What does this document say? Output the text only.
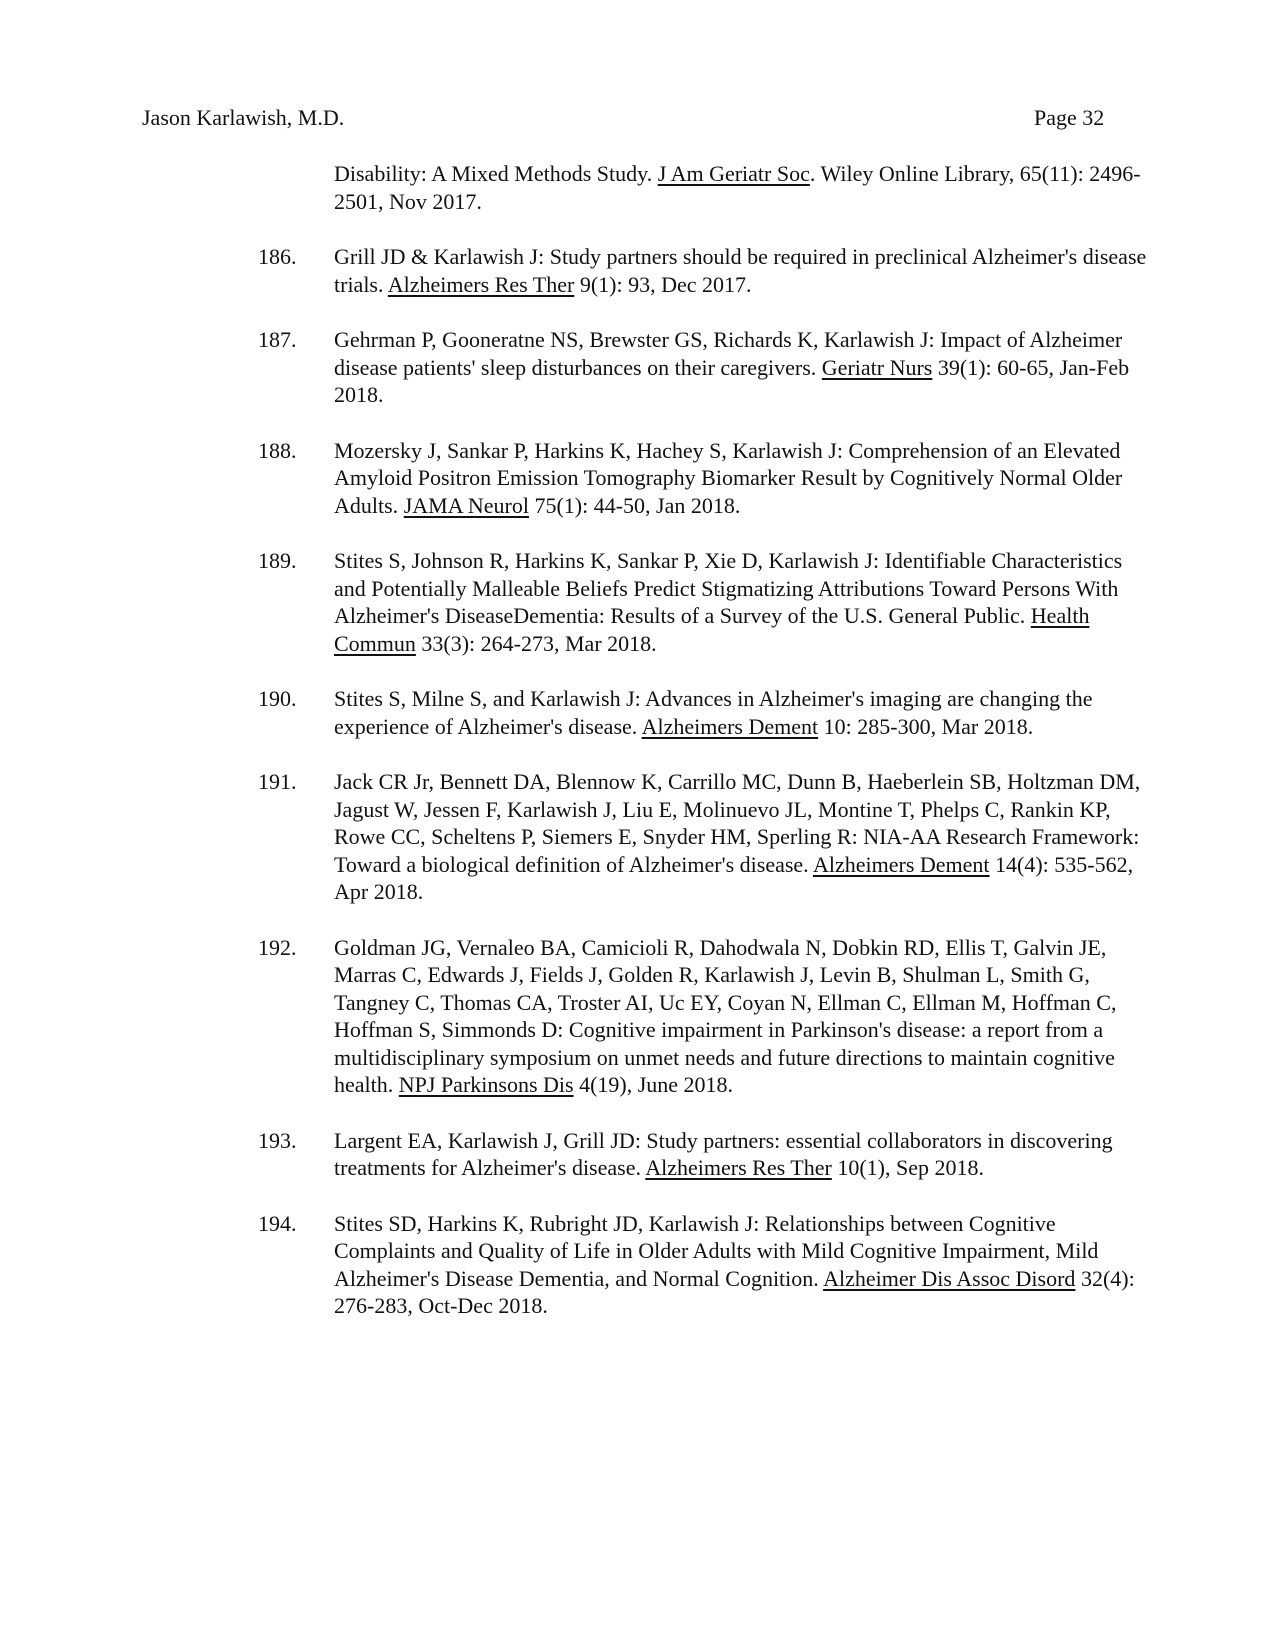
Jason Karlawish, M.D.	Page 32

Disability: A Mixed Methods Study. J Am Geriatr Soc. Wiley Online Library, 65(11): 2496-2501, Nov 2017.

186.	Grill JD & Karlawish J: Study partners should be required in preclinical Alzheimer's disease trials. Alzheimers Res Ther 9(1): 93, Dec 2017.

187.	Gehrman P, Gooneratne NS, Brewster GS, Richards K, Karlawish J: Impact of Alzheimer disease patients' sleep disturbances on their caregivers. Geriatr Nurs 39(1): 60-65, Jan-Feb 2018.

188.	Mozersky J, Sankar P, Harkins K, Hachey S, Karlawish J: Comprehension of an Elevated Amyloid Positron Emission Tomography Biomarker Result by Cognitively Normal Older Adults. JAMA Neurol 75(1): 44-50, Jan 2018.

189.	Stites S, Johnson R, Harkins K, Sankar P, Xie D, Karlawish J: Identifiable Characteristics and Potentially Malleable Beliefs Predict Stigmatizing Attributions Toward Persons With Alzheimer's DiseaseDementia: Results of a Survey of the U.S. General Public. Health Commun 33(3): 264-273, Mar 2018.

190.	Stites S, Milne S, and Karlawish J: Advances in Alzheimer's imaging are changing the experience of Alzheimer's disease. Alzheimers Dement 10: 285-300, Mar 2018.

191.	Jack CR Jr, Bennett DA, Blennow K, Carrillo MC, Dunn B, Haeberlein SB, Holtzman DM, Jagust W, Jessen F, Karlawish J, Liu E, Molinuevo JL, Montine T, Phelps C, Rankin KP, Rowe CC, Scheltens P, Siemers E, Snyder HM, Sperling R: NIA-AA Research Framework: Toward a biological definition of Alzheimer's disease. Alzheimers Dement 14(4): 535-562, Apr 2018.

192.	Goldman JG, Vernaleo BA, Camicioli R, Dahodwala N, Dobkin RD, Ellis T, Galvin JE, Marras C, Edwards J, Fields J, Golden R, Karlawish J, Levin B, Shulman L, Smith G, Tangney C, Thomas CA, Troster AI, Uc EY, Coyan N, Ellman C, Ellman M, Hoffman C, Hoffman S, Simmonds D: Cognitive impairment in Parkinson's disease: a report from a multidisciplinary symposium on unmet needs and future directions to maintain cognitive health. NPJ Parkinsons Dis 4(19), June 2018.

193.	Largent EA, Karlawish J, Grill JD: Study partners: essential collaborators in discovering treatments for Alzheimer's disease. Alzheimers Res Ther 10(1), Sep 2018.

194.	Stites SD, Harkins K, Rubright JD, Karlawish J: Relationships between Cognitive Complaints and Quality of Life in Older Adults with Mild Cognitive Impairment, Mild Alzheimer's Disease Dementia, and Normal Cognition. Alzheimer Dis Assoc Disord 32(4): 276-283, Oct-Dec 2018.
